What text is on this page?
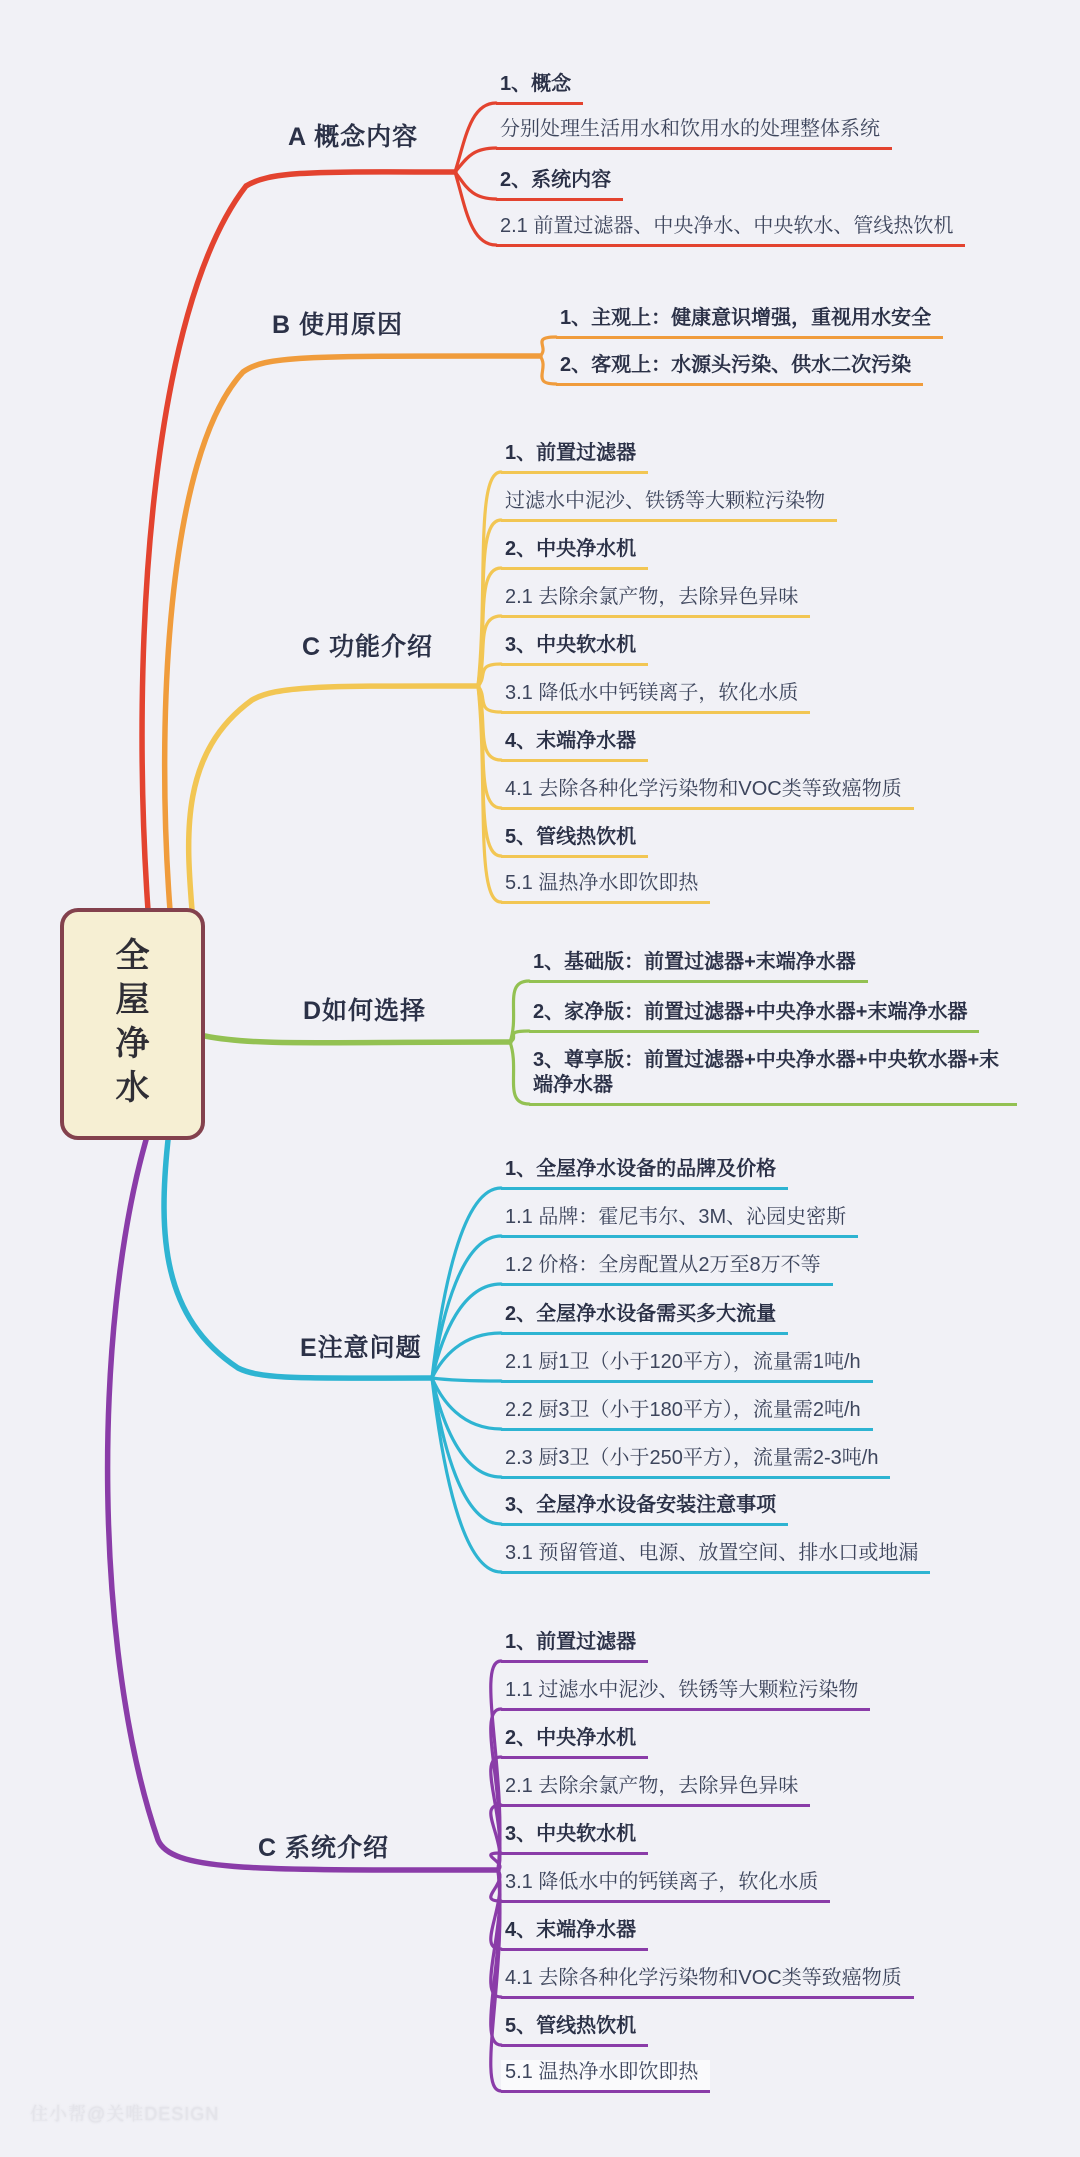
全
屋
净
水
A 概念内容
1、概念
分别处理生活用水和饮用水的处理整体系统
2、系统内容
2.1 前置过滤器、中央净水、中央软水、管线热饮机
B 使用原因	1、主观上：健康意识增强，重视用水安全
2、客观上：水源头污染、供水二次污染
C 功能介绍
1、前置过滤器
过滤水中泥沙、铁锈等大颗粒污染物
2、中央净水机
2.1 去除余氯产物，去除异色异味
3、中央软水机
3.1 降低水中钙镁离子，软化水质
4、末端净水器
4.1 去除各种化学污染物和VOC类等致癌物质
5、管线热饮机
5.1 温热净水即饮即热
D如何选择
1、基础版：前置过滤器+末端净水器
2、家净版：前置过滤器+中央净水器+末端净水器
3、尊享版：前置过滤器+中央净水器+中央软水器+末端净水器
E注意问题
1、全屋净水设备的品牌及价格
1.1 品牌：霍尼韦尔、3M、沁园史密斯
1.2 价格：全房配置从2万至8万不等
2、全屋净水设备需买多大流量
2.1 厨1卫（小于120平方），流量需1吨/h
2.2 厨3卫（小于180平方），流量需2吨/h
2.3 厨3卫（小于250平方），流量需2-3吨/h
3、全屋净水设备安装注意事项
3.1 预留管道、电源、放置空间、排水口或地漏
C 系统介绍
1、前置过滤器
1.1 过滤水中泥沙、铁锈等大颗粒污染物
2、中央净水机
2.1 去除余氯产物，去除异色异味
3、中央软水机
3.1 降低水中的钙镁离子，软化水质
4、末端净水器
4.1 去除各种化学污染物和VOC类等致癌物质
5、管线热饮机
5.1 温热净水即饮即热
住小帮@关唯DESIGN
